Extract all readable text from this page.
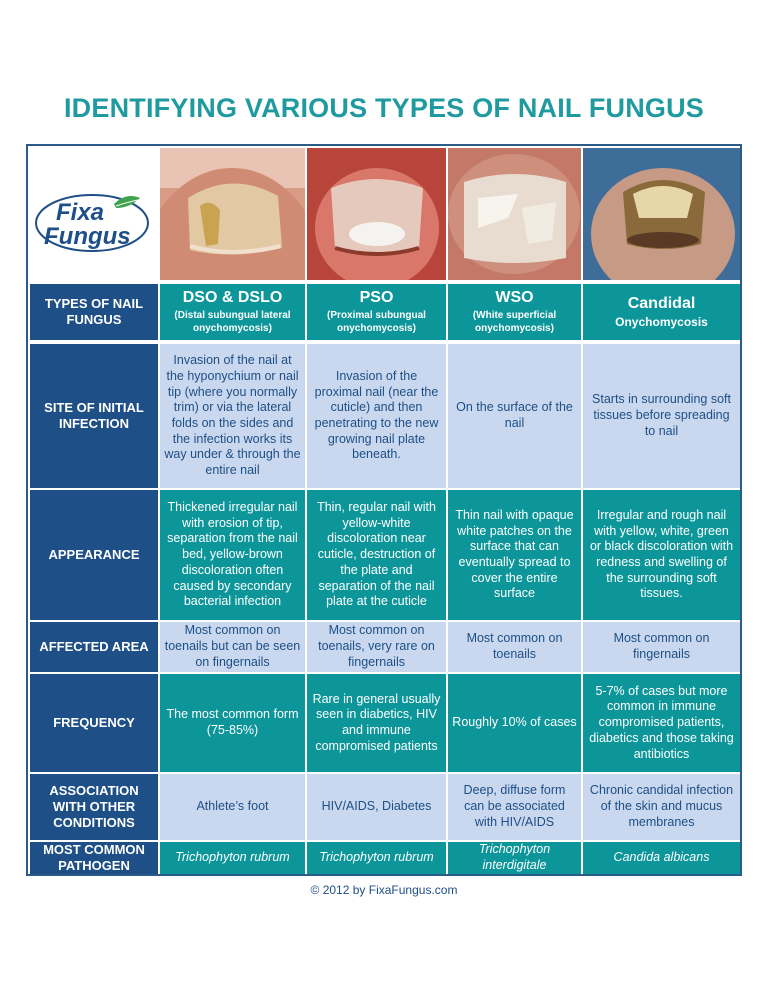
IDENTIFYING VARIOUS TYPES OF NAIL FUNGUS
Fixa
Fungus
TYPES OF NAIL FUNGUS
DSO & DSLO
(Distal subungual lateral onychomycosis)
PSO
(Proximal subungual onychomycosis)
WSO
(White superficial onychomycosis)
Candidal
Onychomycosis
SITE OF INITIAL INFECTION
Invasion of the nail at the hyponychium or nail tip (where you normally trim) or via the lateral folds on the sides and the infection works its way under & through the entire nail
Invasion of the proximal nail (near the cuticle) and then penetrating to the new growing nail plate beneath.
On the surface of the nail
Starts in surrounding soft tissues before spreading to nail
APPEARANCE
Thickened irregular nail with erosion of tip, separation from the nail bed, yellow-brown discoloration often caused by secondary bacterial infection
Thin, regular nail with yellow-white discoloration near cuticle, destruction of the plate and separation of the nail plate at the cuticle
Thin nail with opaque white patches on the surface that can eventually spread to cover the entire surface
Irregular and rough nail with yellow, white, green or black discoloration with redness and swelling of the surrounding soft tissues.
AFFECTED AREA
Most common on toenails but can be seen on fingernails
Most common on toenails, very rare on fingernails
Most common on toenails
Most common on fingernails
FREQUENCY
The most common form (75-85%)
Rare in general usually seen in diabetics, HIV and immune compromised patients
Roughly 10% of cases
5-7% of cases but more common in immune compromised patients, diabetics and those taking antibiotics
ASSOCIATION WITH OTHER CONDITIONS
Athlete’s foot	HIV/AIDS, Diabetes
Deep, diffuse form can be associated with HIV/AIDS
Chronic candidal infection of the skin and mucus membranes
MOST COMMON PATHOGEN
Trichophyton rubrum	Trichophyton rubrum
Trichophyton interdigitale
Candida albicans
© 2012 by FixaFungus.com
